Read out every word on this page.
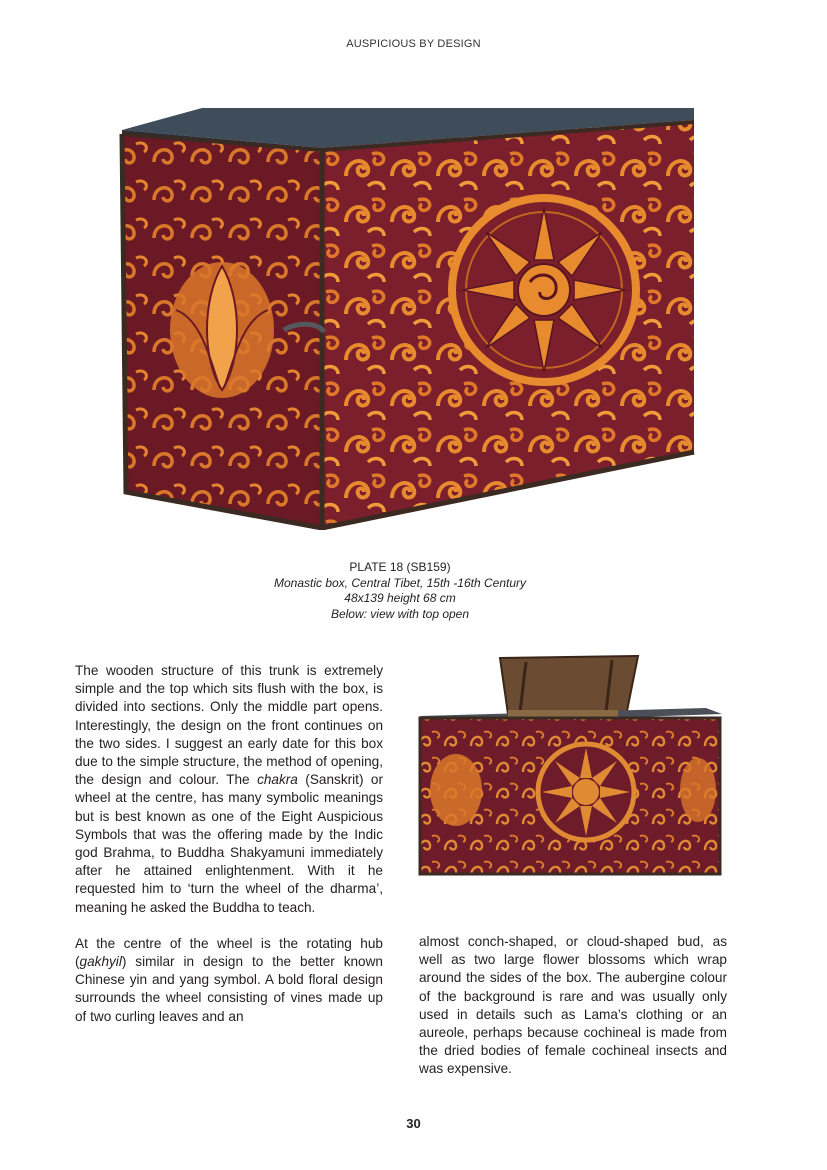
AUSPICIOUS BY DESIGN
PLATE 18 (SB159)
Monastic box, Central Tibet, 15th -16th Century
48x139 height 68 cm
Below: view with top open

The wooden structure of this trunk is extremely simple and the top which sits flush with the box, is divided into sections. Only the middle part opens. Interestingly, the design on the front continues on the two sides. I suggest an early date for this box due to the simple structure, the method of opening, the design and colour. The chakra (Sanskrit) or wheel at the centre, has many symbolic meanings but is best known as one of the Eight Auspicious Symbols that was the offering made by the Indic god Brahma, to Buddha Shakyamuni immediately after he attained enlightenment. With it he requested him to ‘turn the wheel of the dharma’, meaning he asked the Buddha to teach.

At the centre of the wheel is the rotating hub (gakhyil) similar in design to the better known Chinese yin and yang symbol. A bold floral design surrounds the wheel consisting of vines made up of two curling leaves and an

almost conch-shaped, or cloud-shaped bud, as well as two large flower blossoms which wrap around the sides of the box. The aubergine colour of the background is rare and was usually only used in details such as Lama’s clothing or an aureole, perhaps because cochineal is made from the dried bodies of female cochineal insects and was expensive.

30
